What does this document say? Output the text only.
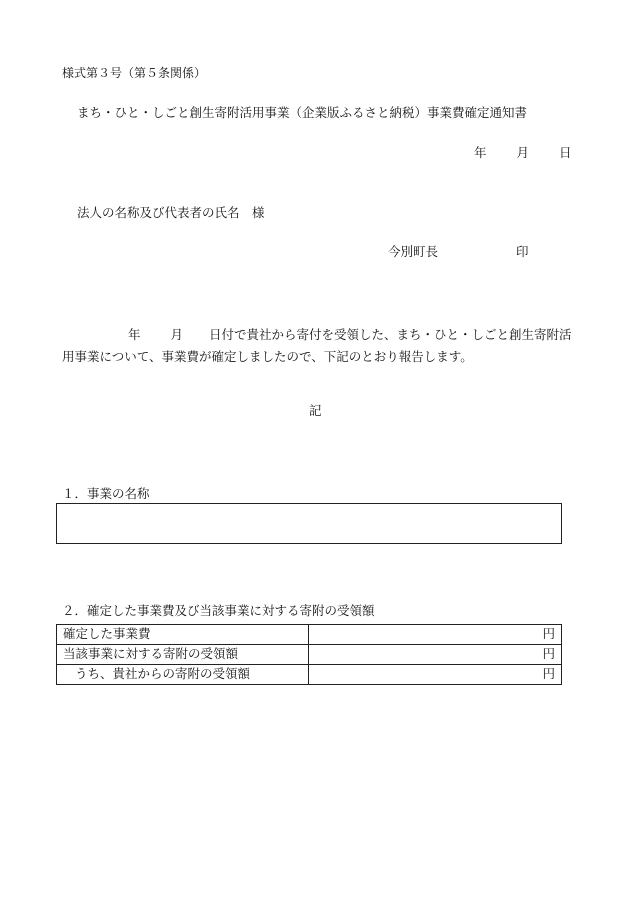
様式第３号（第５条関係）
まち・ひと・しごと創生寄附活用事業（企業版ふるさと納税）事業費確定通知書
年 月 日
法人の名称及び代表者の氏名　様
今別町長	印
年 月 日付で貴社から寄付を受領した、まち・ひと・しごと創生寄附活用事業について、事業費が確定しましたので、下記のとおり報告します。
記
１．事業の名称
２．確定した事業費及び当該事業に対する寄附の受領額
確定した事業費	円
当該事業に対する寄附の受領額	円
うち、貴社からの寄附の受領額	円
